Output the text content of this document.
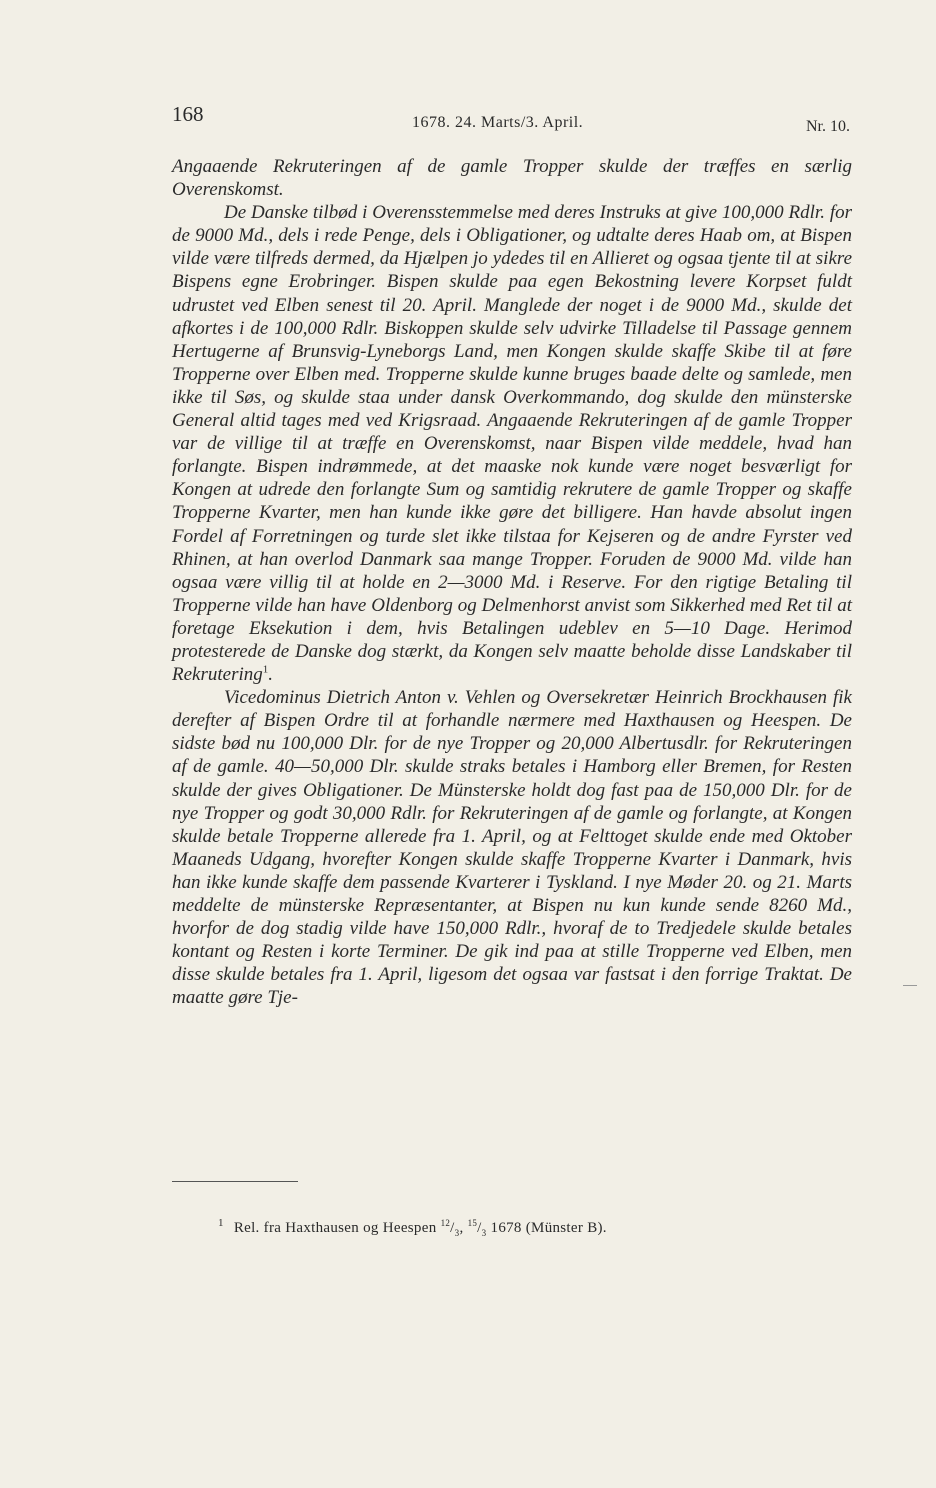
168	1678. 24. Marts/3. April.	Nr. 10.

Angaaende Rekruteringen af de gamle Tropper skulde der træffes en særlig Overenskomst.

De Danske tilbød i Overensstemmelse med deres Instruks at give 100,000 Rdlr. for de 9000 Md., dels i rede Penge, dels i Obligationer, og udtalte deres Haab om, at Bispen vilde være tilfreds dermed, da Hjælpen jo ydedes til en Allieret og ogsaa tjente til at sikre Bispens egne Erobringer. Bispen skulde paa egen Bekostning levere Korpset fuldt udrustet ved Elben senest til 20. April. Manglede der noget i de 9000 Md., skulde det afkortes i de 100,000 Rdlr. Biskoppen skulde selv udvirke Tilladelse til Passage gennem Hertugerne af Brunsvig-Lyneborgs Land, men Kongen skulde skaffe Skibe til at føre Tropperne over Elben med. Tropperne skulde kunne bruges baade delte og samlede, men ikke til Søs, og skulde staa under dansk Overkommando, dog skulde den münsterske General altid tages med ved Krigsraad. Angaaende Rekruteringen af de gamle Tropper var de villige til at træffe en Overenskomst, naar Bispen vilde meddele, hvad han forlangte. Bispen indrømmede, at det maaske nok kunde være noget besværligt for Kongen at udrede den forlangte Sum og samtidig rekrutere de gamle Tropper og skaffe Tropperne Kvarter, men han kunde ikke gøre det billigere. Han havde absolut ingen Fordel af Forretningen og turde slet ikke tilstaa for Kejseren og de andre Fyrster ved Rhinen, at han overlod Danmark saa mange Tropper. Foruden de 9000 Md. vilde han ogsaa være villig til at holde en 2—3000 Md. i Reserve. For den rigtige Betaling til Tropperne vilde han have Oldenborg og Delmenhorst anvist som Sikkerhed med Ret til at foretage Eksekution i dem, hvis Betalingen udeblev en 5—10 Dage. Herimod protesterede de Danske dog stærkt, da Kongen selv maatte beholde disse Landskaber til Rekrutering$^1$.

Vicedominus Dietrich Anton v. Vehlen og Oversekretær Heinrich Brockhausen fik derefter af Bispen Ordre til at forhandle nærmere med Haxthausen og Heespen. De sidste bød nu 100,000 Dlr. for de nye Tropper og 20,000 Albertusdlr. for Rekruteringen af de gamle. 40—50,000 Dlr. skulde straks betales i Hamborg eller Bremen, for Resten skulde der gives Obligationer. De Münsterske holdt dog fast paa de 150,000 Dlr. for de nye Tropper og godt 30,000 Rdlr. for Rekruteringen af de gamle og forlangte, at Kongen skulde betale Tropperne allerede fra 1. April, og at Felttoget skulde ende med Oktober Maaneds Udgang, hvorefter Kongen skulde skaffe Tropperne Kvarter i Danmark, hvis han ikke kunde skaffe dem passende Kvarterer i Tyskland. I nye Møder 20. og 21. Marts meddelte de münsterske Repræsentanter, at Bispen nu kun kunde sende 8260 Md., hvorfor de dog stadig vilde have 150,000 Rdlr., hvoraf de to Tredjedele skulde betales kontant og Resten i korte Terminer. De gik ind paa at stille Tropperne ved Elben, men disse skulde betales fra 1. April, ligesom det ogsaa var fastsat i den forrige Traktat. De maatte gøre Tje-

$^1$ Rel. fra Haxthausen og Heespen $^{12}/_3$, $^{15}/_3$ 1678 (Münster B).
